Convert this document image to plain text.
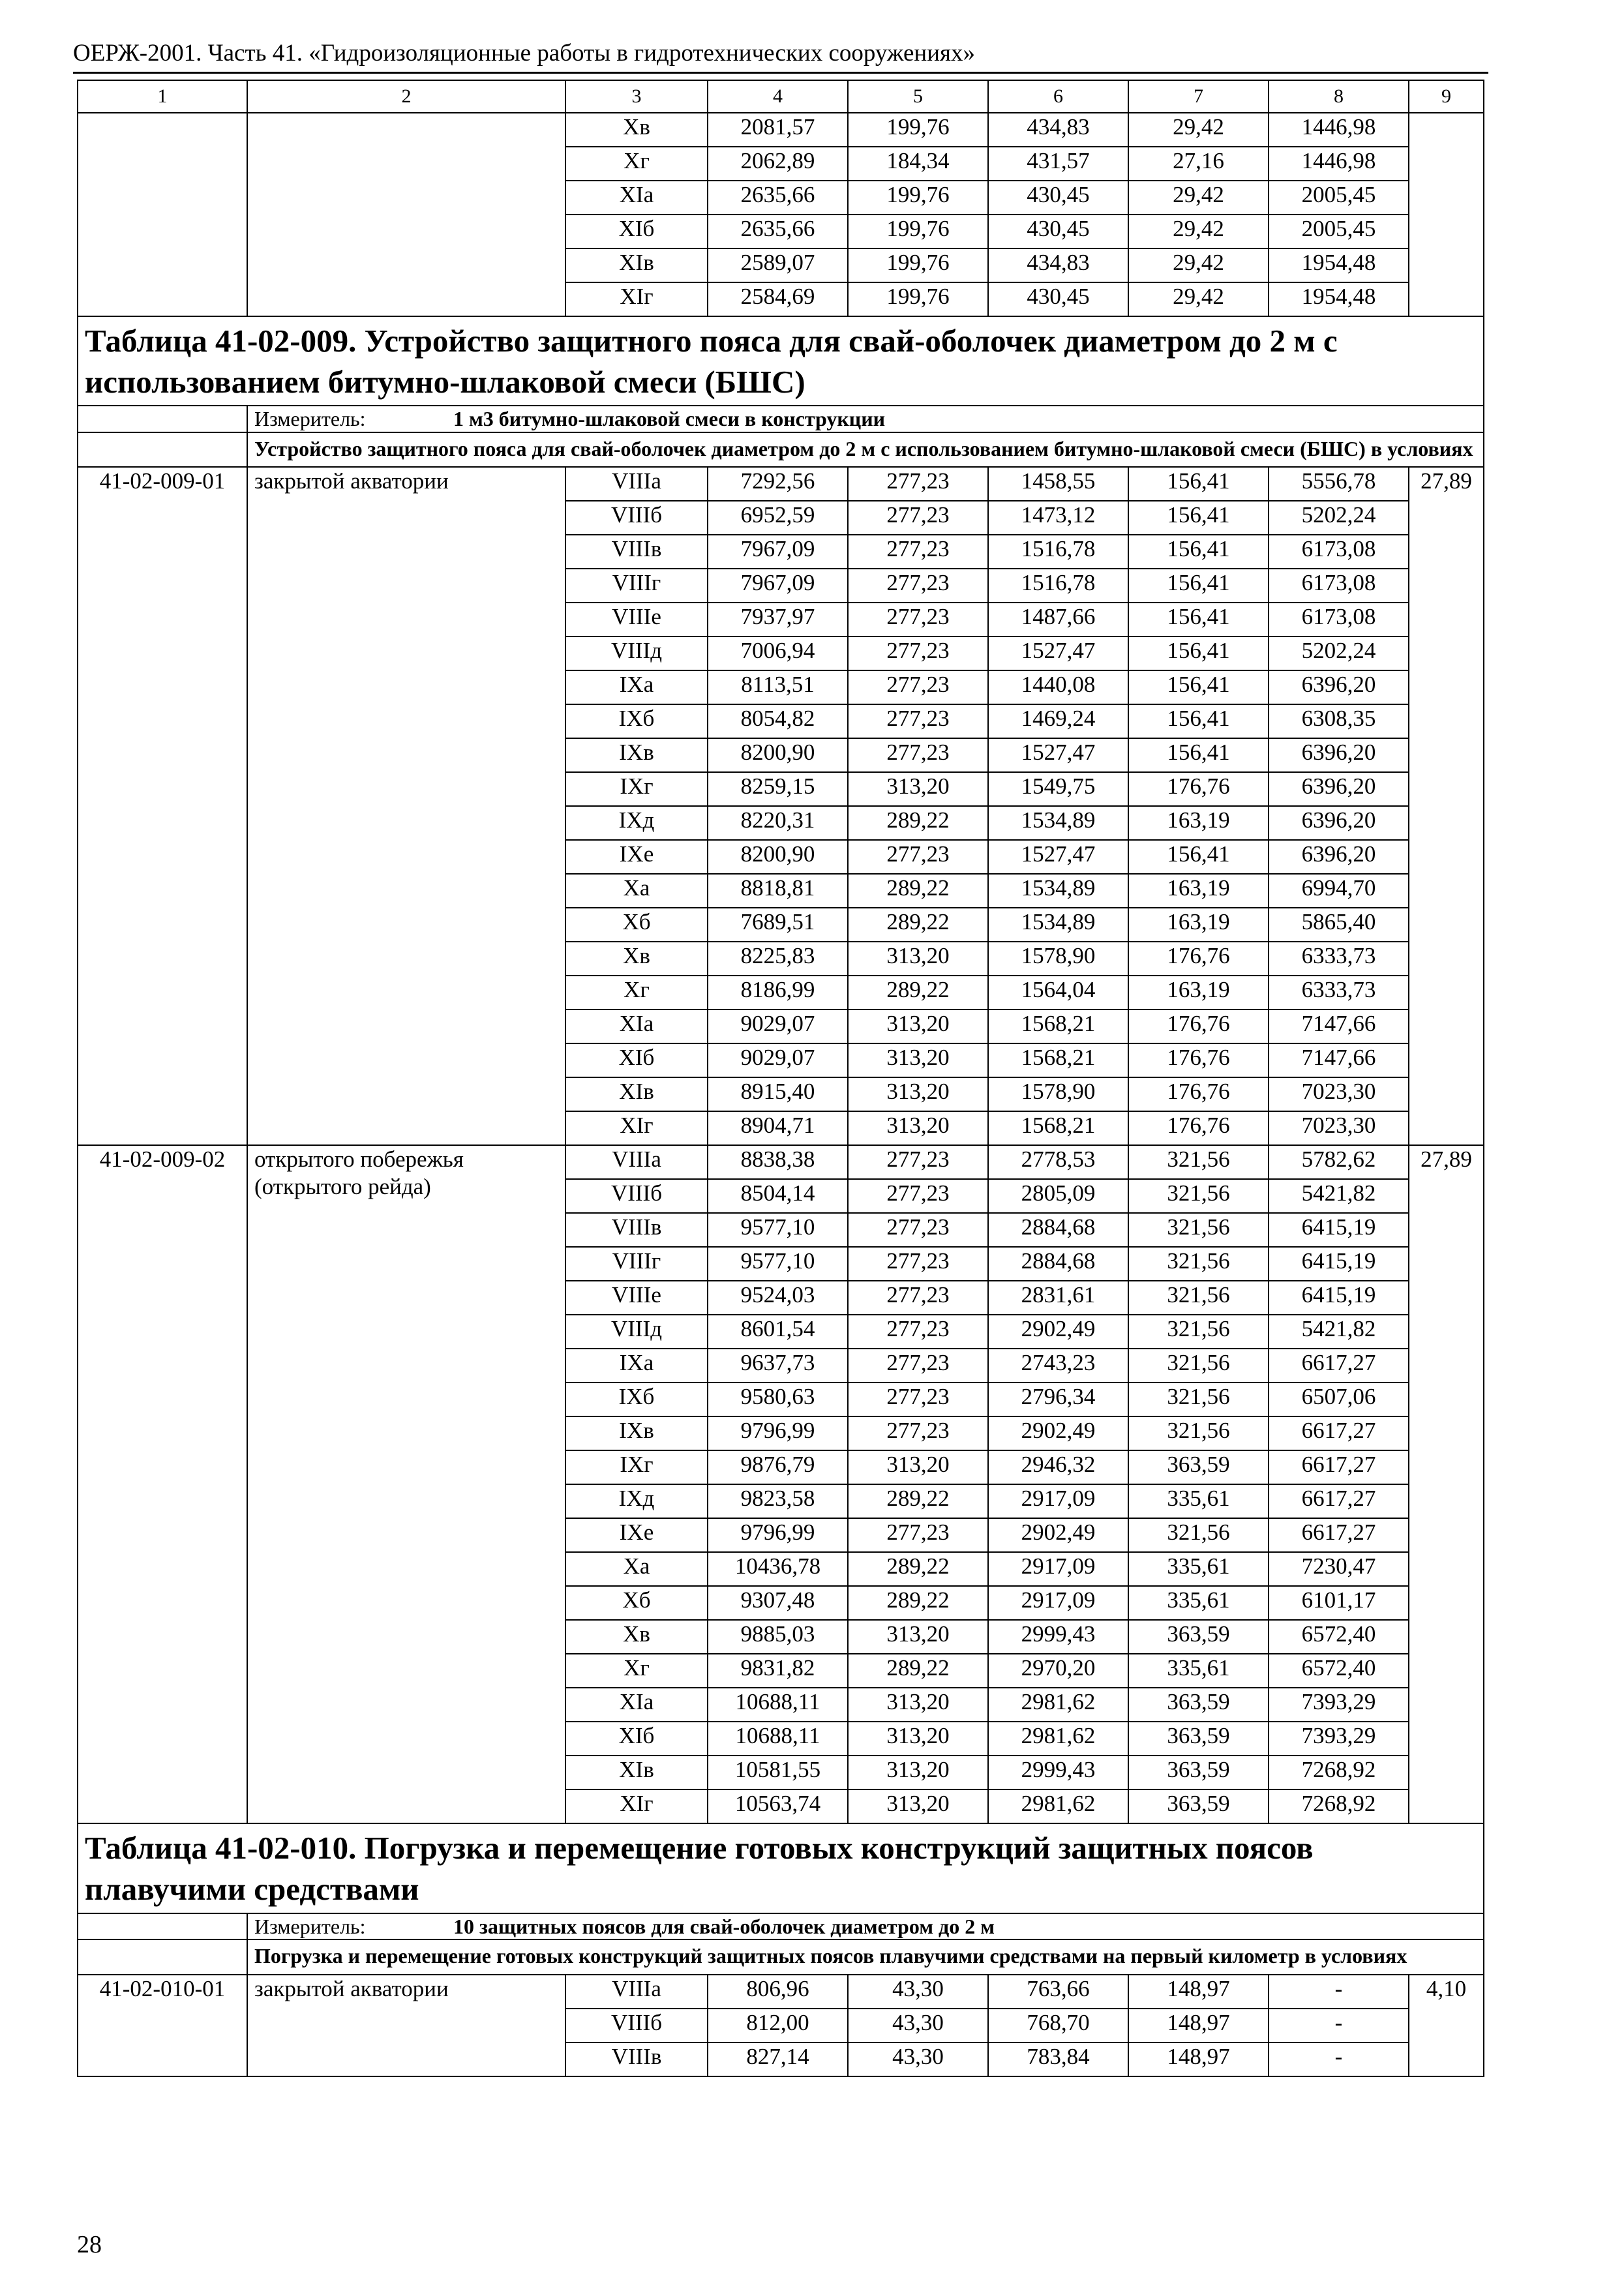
ОЕРЖ-2001. Часть 41. «Гидроизоляционные работы в гидротехнических сооружениях»
1	2	3	4	5	6	7	8	9
		Хв	2081,57	199,76	434,83	29,42	1446,98	
		Хг	2062,89	184,34	431,57	27,16	1446,98	
		ХIа	2635,66	199,76	430,45	29,42	2005,45	
		ХIб	2635,66	199,76	430,45	29,42	2005,45	
		ХIв	2589,07	199,76	434,83	29,42	1954,48	
		ХIг	2584,69	199,76	430,45	29,42	1954,48	
Таблица 41-02-009. Устройство защитного пояса для свай-оболочек диаметром до 2 м с использованием битумно-шлаковой смеси (БШС)								
	Измеритель: 1 м3 битумно-шлаковой смеси в конструкции							
	Устройство защитного пояса для свай-оболочек диаметром до 2 м с использованием битумно-шлаковой смеси (БШС) в условиях							
41-02-009-01	закрытой акватории	VIIIа	7292,56	277,23	1458,55	156,41	5556,78	27,89
		VIIIб	6952,59	277,23	1473,12	156,41	5202,24	
		VIIIв	7967,09	277,23	1516,78	156,41	6173,08	
		VIIIг	7967,09	277,23	1516,78	156,41	6173,08	
		VIIIе	7937,97	277,23	1487,66	156,41	6173,08	
		VIIIд	7006,94	277,23	1527,47	156,41	5202,24	
		IХа	8113,51	277,23	1440,08	156,41	6396,20	
		IХб	8054,82	277,23	1469,24	156,41	6308,35	
		IХв	8200,90	277,23	1527,47	156,41	6396,20	
		IХг	8259,15	313,20	1549,75	176,76	6396,20	
		IХд	8220,31	289,22	1534,89	163,19	6396,20	
		IХе	8200,90	277,23	1527,47	156,41	6396,20	
		Ха	8818,81	289,22	1534,89	163,19	6994,70	
		Хб	7689,51	289,22	1534,89	163,19	5865,40	
		Хв	8225,83	313,20	1578,90	176,76	6333,73	
		Хг	8186,99	289,22	1564,04	163,19	6333,73	
		ХIа	9029,07	313,20	1568,21	176,76	7147,66	
		ХIб	9029,07	313,20	1568,21	176,76	7147,66	
		ХIв	8915,40	313,20	1578,90	176,76	7023,30	
		ХIг	8904,71	313,20	1568,21	176,76	7023,30	
41-02-009-02	открытого побережья (открытого рейда)	VIIIа	8838,38	277,23	2778,53	321,56	5782,62	27,89
		VIIIб	8504,14	277,23	2805,09	321,56	5421,82	
		VIIIв	9577,10	277,23	2884,68	321,56	6415,19	
		VIIIг	9577,10	277,23	2884,68	321,56	6415,19	
		VIIIе	9524,03	277,23	2831,61	321,56	6415,19	
		VIIIд	8601,54	277,23	2902,49	321,56	5421,82	
		IХа	9637,73	277,23	2743,23	321,56	6617,27	
		IХб	9580,63	277,23	2796,34	321,56	6507,06	
		IХв	9796,99	277,23	2902,49	321,56	6617,27	
		IХг	9876,79	313,20	2946,32	363,59	6617,27	
		IХд	9823,58	289,22	2917,09	335,61	6617,27	
		IХе	9796,99	277,23	2902,49	321,56	6617,27	
		Ха	10436,78	289,22	2917,09	335,61	7230,47	
		Хб	9307,48	289,22	2917,09	335,61	6101,17	
		Хв	9885,03	313,20	2999,43	363,59	6572,40	
		Хг	9831,82	289,22	2970,20	335,61	6572,40	
		ХIа	10688,11	313,20	2981,62	363,59	7393,29	
		ХIб	10688,11	313,20	2981,62	363,59	7393,29	
		ХIв	10581,55	313,20	2999,43	363,59	7268,92	
		ХIг	10563,74	313,20	2981,62	363,59	7268,92	
Таблица 41-02-010. Погрузка и перемещение готовых конструкций защитных поясов плавучими средствами								
	Измеритель: 10 защитных поясов для свай-оболочек диаметром до 2 м							
	Погрузка и перемещение готовых конструкций защитных поясов плавучими средствами на первый километр в условиях							
41-02-010-01	закрытой акватории	VIIIа	806,96	43,30	763,66	148,97	-	4,10
		VIIIб	812,00	43,30	768,70	148,97	-	
		VIIIв	827,14	43,30	783,84	148,97	-	
28
